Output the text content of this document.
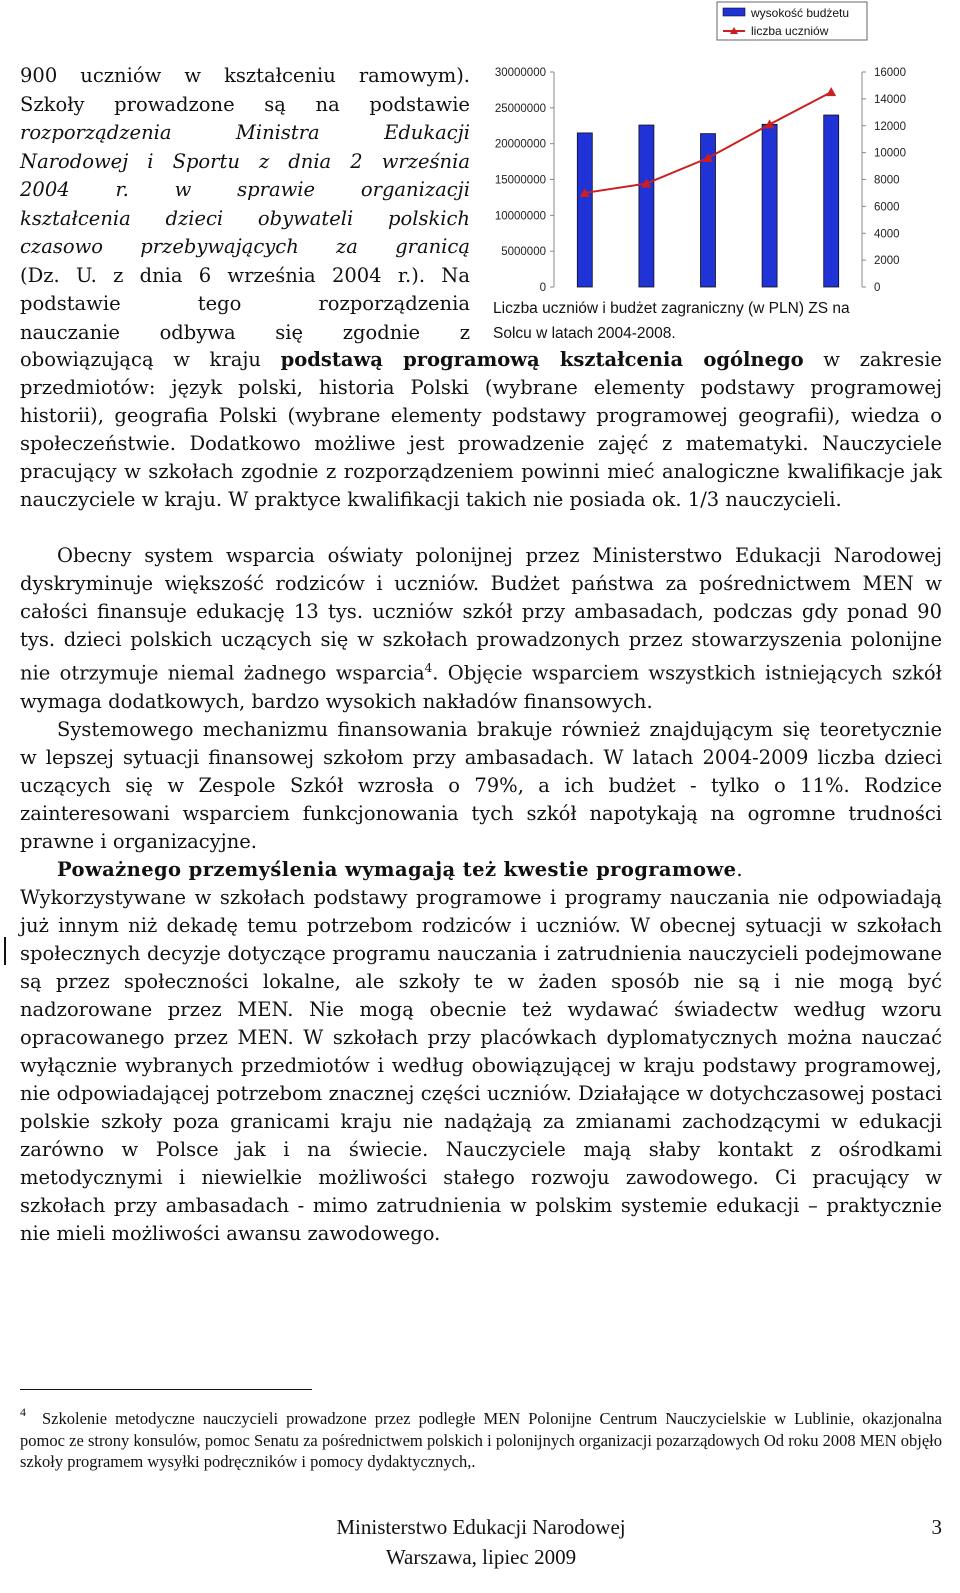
900 uczniów w kształceniu ramowym).
Szkoły prowadzone są na podstawie
rozporządzenia	Ministra	Edukacji
Narodowej i Sportu z dnia 2 września
2004 r. w sprawie organizacji
kształcenia dzieci obywateli polskich
czasowo przebywających za granicą
(Dz. U. z dnia 6 września 2004 r.). Na
podstawie	tego	rozporządzenia
nauczanie odbywa się zgodnie z
0
5000000
10000000
15000000
20000000
25000000
30000000
0
2000
4000
6000
8000
10000
12000
14000
16000
wysokość budżetu
liczba uczniów
Liczba uczniów i budżet zagraniczny (w PLN) ZS na Solcu w latach 2004-2008.

obowiązującą w kraju podstawą programową kształcenia ogólnego w zakresie przedmiotów: język polski, historia Polski (wybrane elementy podstawy programowej historii), geografia Polski (wybrane elementy podstawy programowej geografii), wiedza o społeczeństwie. Dodatkowo możliwe jest prowadzenie zajęć z matematyki. Nauczyciele pracujący w szkołach zgodnie z rozporządzeniem powinni mieć analogiczne kwalifikacje jak nauczyciele w kraju. W praktyce kwalifikacji takich nie posiada ok. 1/3 nauczycieli.

Obecny system wsparcia oświaty polonijnej przez Ministerstwo Edukacji Narodowej dyskryminuje większość rodziców i uczniów. Budżet państwa za pośrednictwem MEN w całości finansuje edukację 13 tys. uczniów szkół przy ambasadach, podczas gdy ponad 90 tys. dzieci polskich uczących się w szkołach prowadzonych przez stowarzyszenia polonijne nie otrzymuje niemal żadnego wsparcia$^4$. Objęcie wsparciem wszystkich istniejących szkół wymaga dodatkowych, bardzo wysokich nakładów finansowych.

Systemowego mechanizmu finansowania brakuje również znajdującym się teoretycznie w lepszej sytuacji finansowej szkołom przy ambasadach. W latach 2004-2009 liczba dzieci uczących się w Zespole Szkół wzrosła o 79%, a ich budżet - tylko o 11%. Rodzice zainteresowani wsparciem funkcjonowania tych szkół napotykają na ogromne trudności prawne i organizacyjne.

Poważnego przemyślenia wymagają też kwestie programowe.

Wykorzystywane w szkołach podstawy programowe i programy nauczania nie odpowiadają już innym niż dekadę temu potrzebom rodziców i uczniów. W obecnej sytuacji w szkołach społecznych decyzje dotyczące programu nauczania i zatrudnienia nauczycieli podejmowane są przez społeczności lokalne, ale szkoły te w żaden sposób nie są i nie mogą być nadzorowane przez MEN. Nie mogą obecnie też wydawać świadectw według wzoru opracowanego przez MEN. W szkołach przy placówkach dyplomatycznych można nauczać wyłącznie wybranych przedmiotów i według obowiązującej w kraju podstawy programowej, nie odpowiadającej potrzebom znacznej części uczniów. Działające w dotychczasowej postaci polskie szkoły poza granicami kraju nie nadążają za zmianami zachodzącymi w edukacji zarówno w Polsce jak i na świecie. Nauczyciele mają słaby kontakt z ośrodkami metodycznymi i niewielkie możliwości stałego rozwoju zawodowego. Ci pracujący w szkołach przy ambasadach - mimo zatrudnienia w polskim systemie edukacji – praktycznie nie mieli możliwości awansu zawodowego.

$^4$ Szkolenie metodyczne nauczycieli prowadzone przez podległe MEN Polonijne Centrum Nauczycielskie w Lublinie, okazjonalna pomoc ze strony konsulów, pomoc Senatu za pośrednictwem polskich i polonijnych organizacji pozarządowych Od roku 2008 MEN objęło szkoły programem wysyłki podręczników i pomocy dydaktycznych,.
Ministerstwo Edukacji Narodowej
Warszawa, lipiec 2009
3
